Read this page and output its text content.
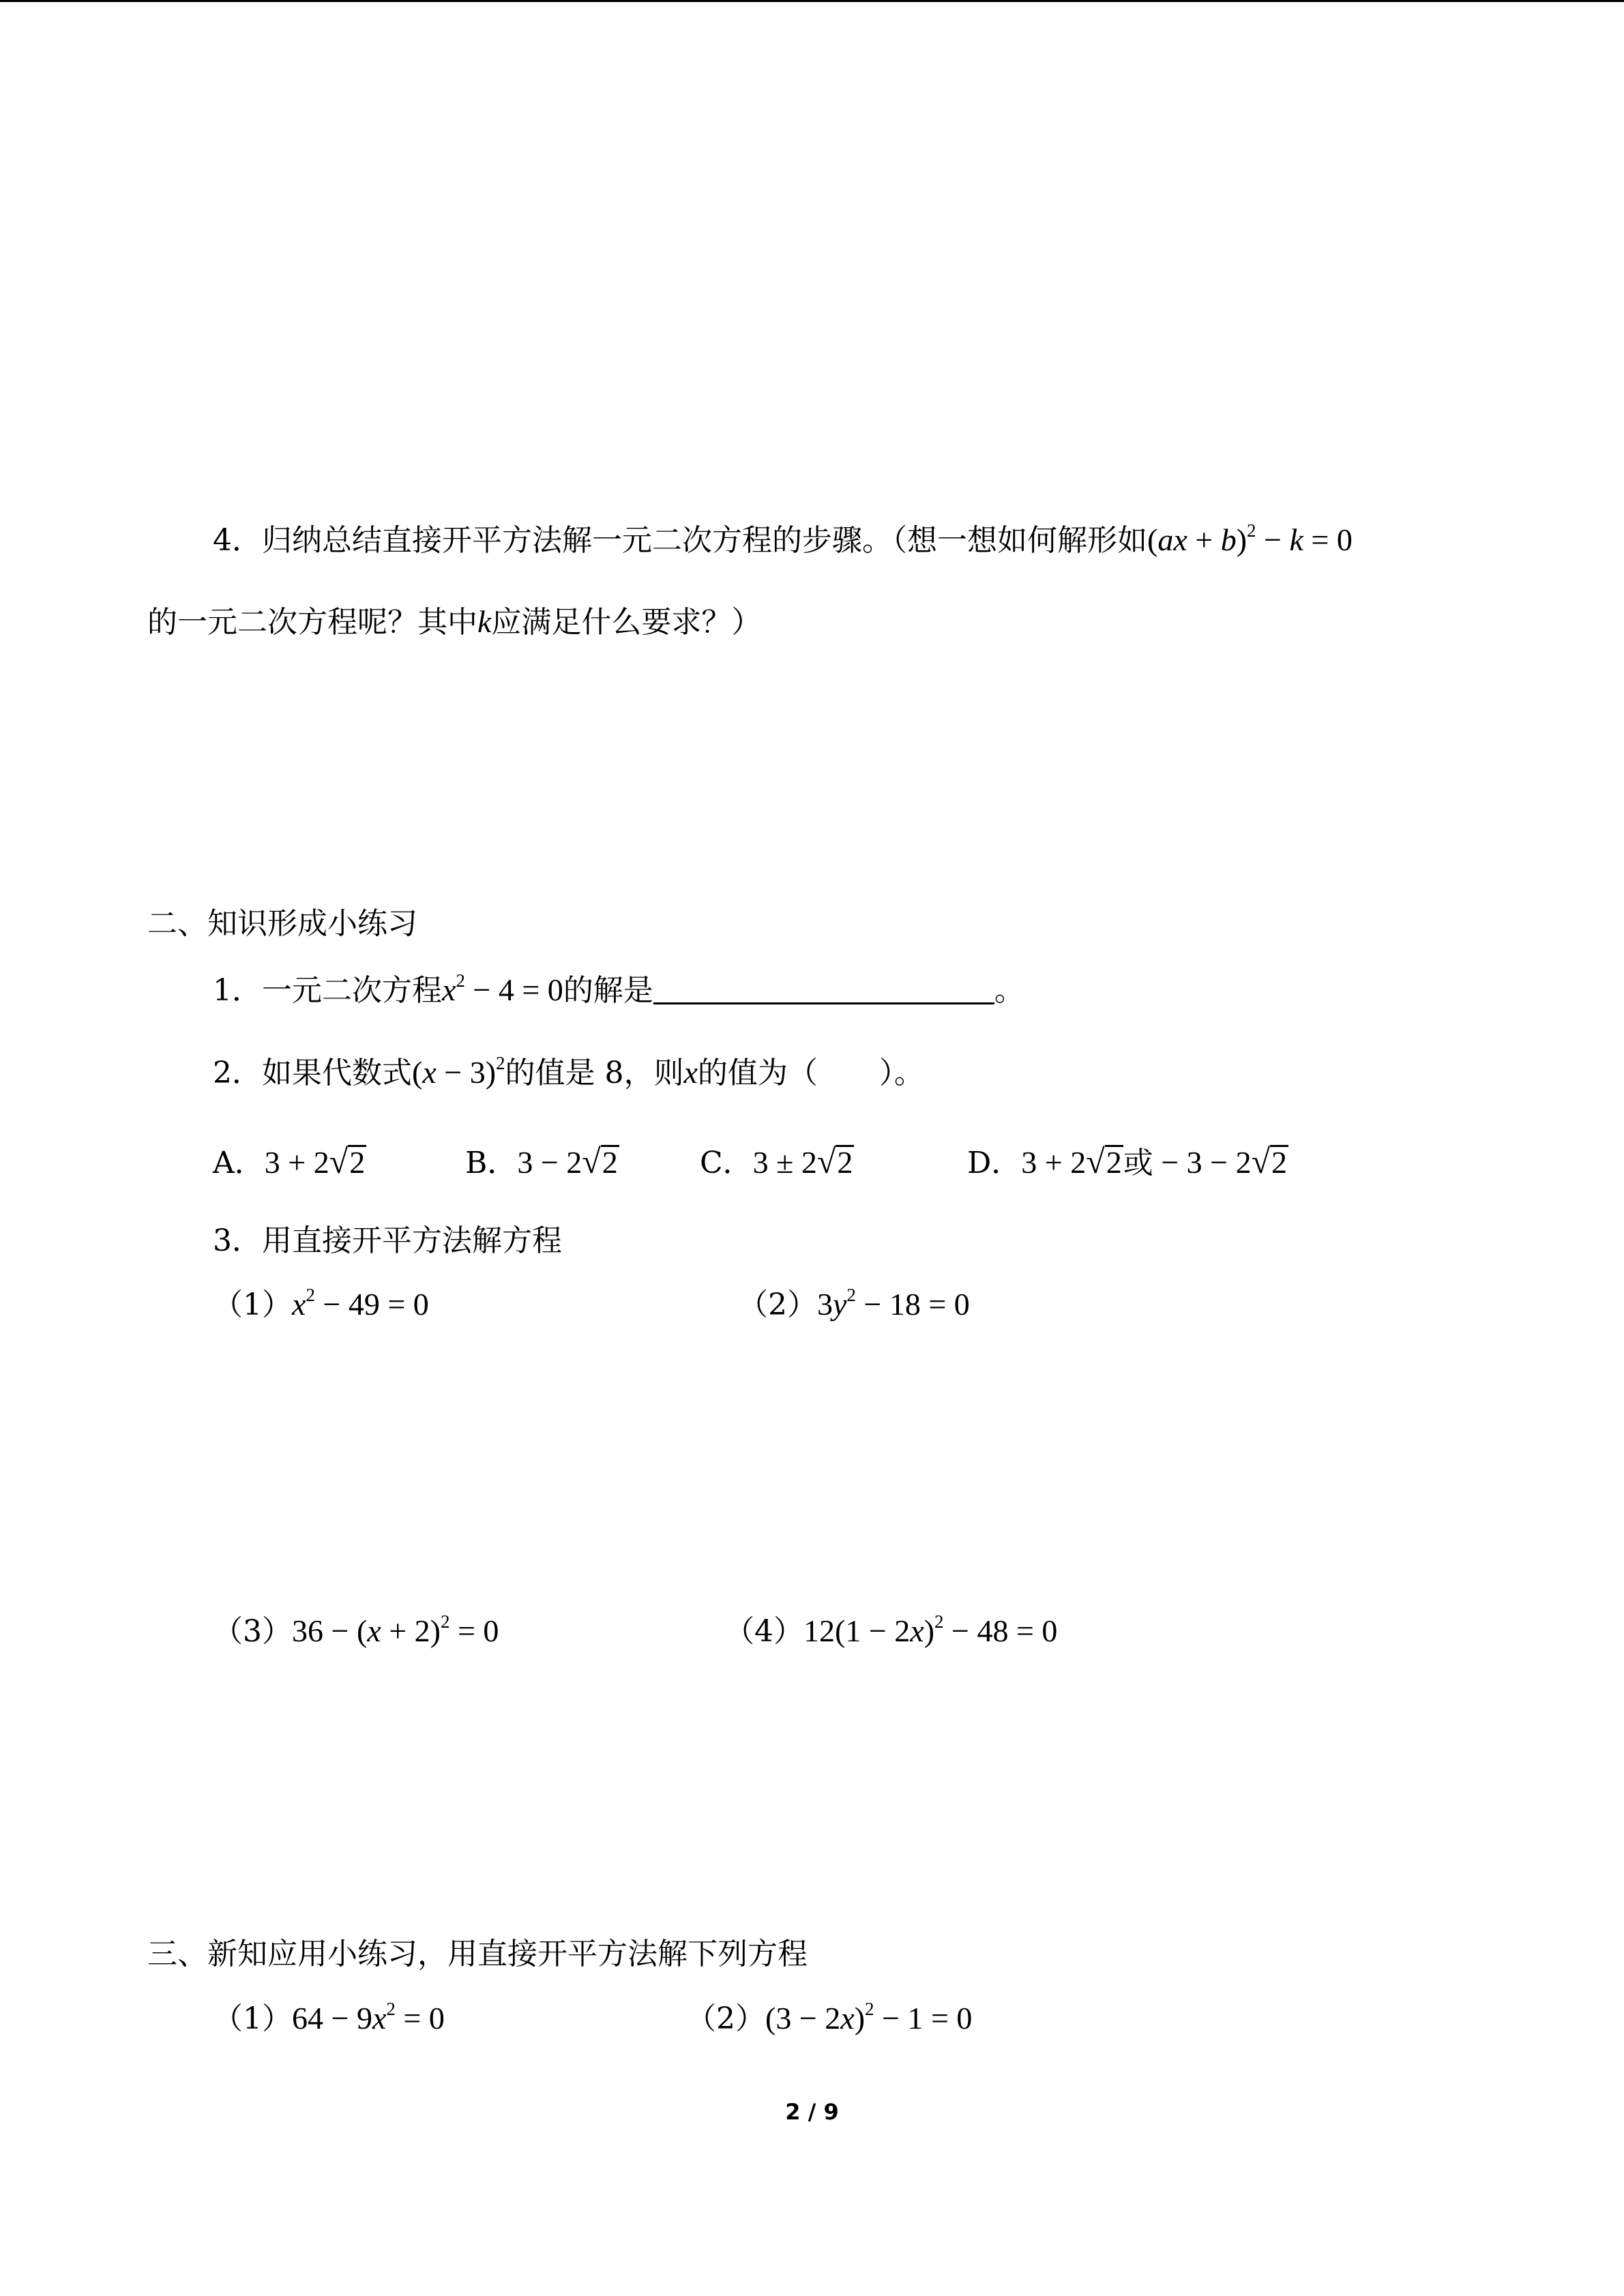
4．归纳总结直接开平方法解一元二次方程的步骤。（想一想如何解形如(ax + b)$^2$ − k = 0
的一元二次方程呢？其中k应满足什么要求？）
二、知识形成小练习
1．一元二次方程$x^2 - 4 = 0$的解是	。
2．如果代数式$(x - 3)^2$的值是 8，则x的值为（ ）。
A．3 + 2√2	B．3 − 2√2	C．3 ± 2√2	D．3 + 2√2或 − 3 − 2√2
3．用直接开平方法解方程
$(1)x^2 - 49 = 0$	$(2)3y^2 - 18 = 0$
$(3)36 - (x + 2)^2 = 0$	$(4)12(1 - 2x)^2 - 48 = 0$
三、新知应用小练习，用直接开平方法解下列方程
$(1)64 - 9x^2 = 0$	$(2)(3 - 2x)^2 - 1 = 0$
2 / 9
